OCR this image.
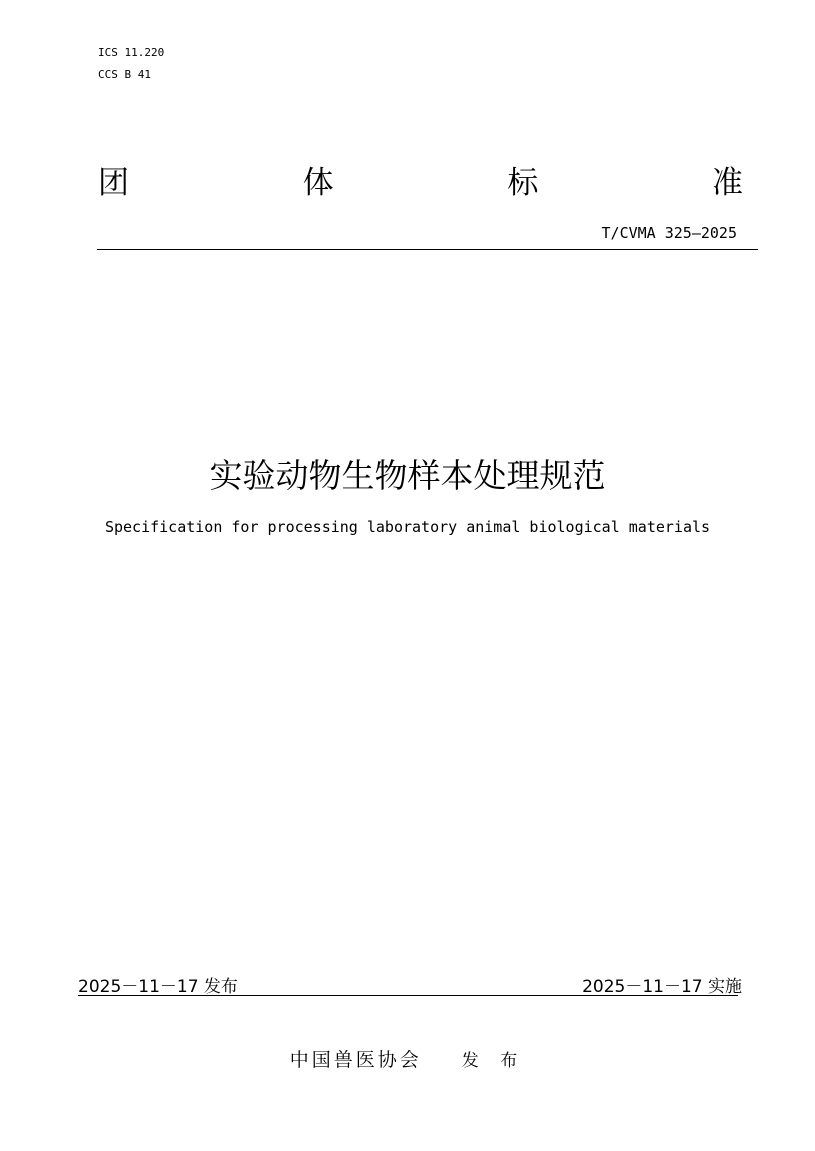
ICS 11.220
CCS B 41
团	体	标	准
T/CVMA 325—2025
实验动物生物样本处理规范
Specification for processing laboratory animal biological materials
2025－11－17 发布	2025－11－17 实施
中国兽医协会 发 布
